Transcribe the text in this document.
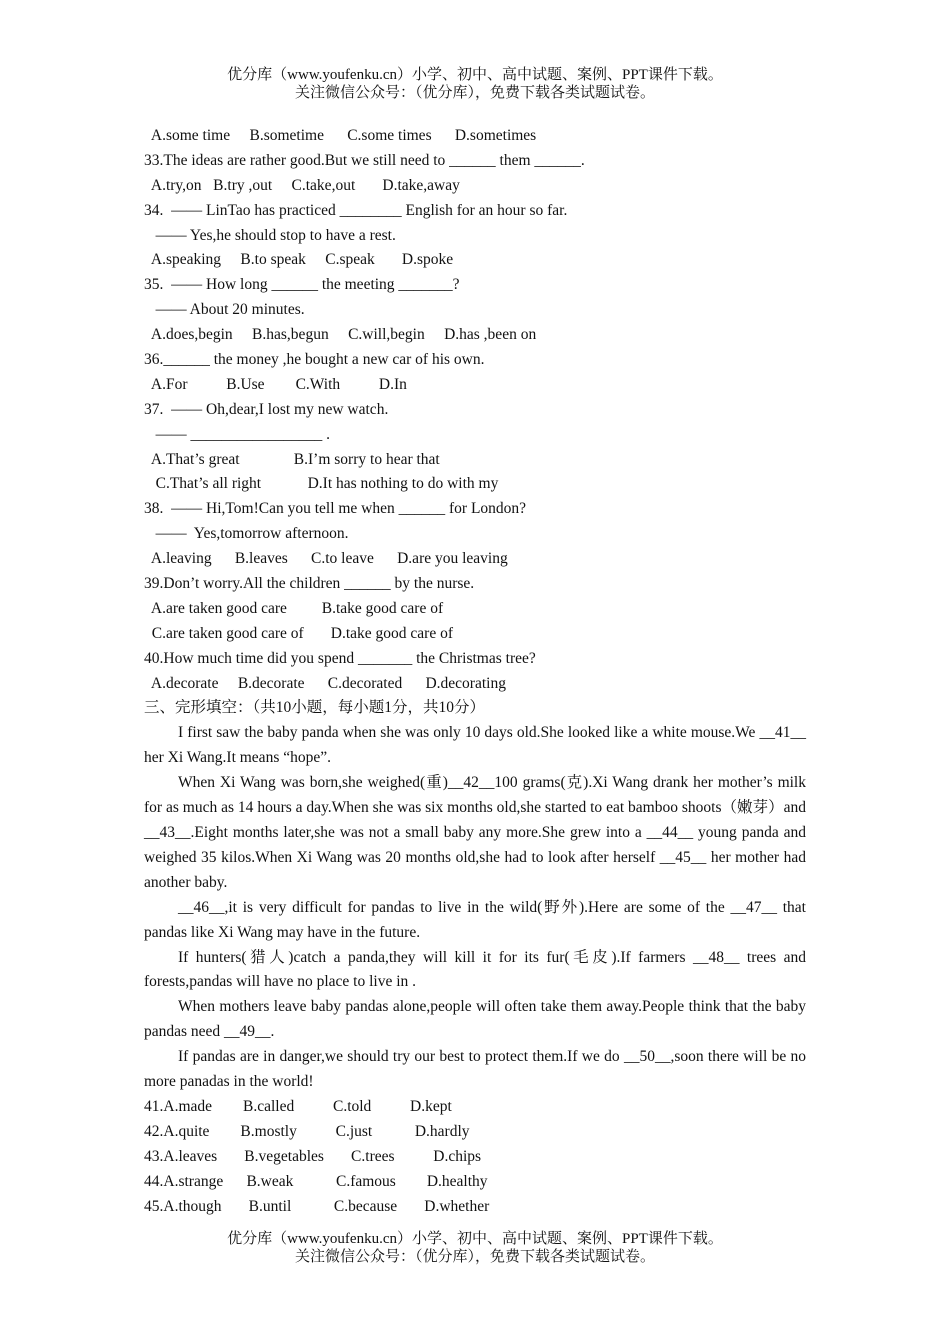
优分库（www.youfenku.cn）小学、初中、高中试题、案例、PPT课件下载。
关注微信公众号：（优分库），免费下载各类试题试卷。
A.some time     B.sometime      C.some times      D.sometimes
33.The ideas are rather good.But we still need to ______ them ______.
A.try,on   B.try ,out     C.take,out       D.take,away
34.  —— LinTao has practiced ________ English for an hour so far.
—— Yes,he should stop to have a rest.
A.speaking     B.to speak     C.speak       D.spoke
35.  —— How long ______ the meeting _______?
—— About 20 minutes.
A.does,begin     B.has,begun     C.will,begin     D.has ,been on
36.______ the money ,he bought a new car of his own.
A.For          B.Use        C.With          D.In
37.  —— Oh,dear,I lost my new watch.
—— _________________ .
A.That’s great              B.I’m sorry to hear that
C.That’s all right            D.It has nothing to do with my
38.  —— Hi,Tom!Can you tell me when ______ for London?
——  Yes,tomorrow afternoon.
A.leaving      B.leaves      C.to leave      D.are you leaving
39.Don’t worry.All the children ______ by the nurse.
A.are taken good care         B.take good care of
C.are taken good care of       D.take good care of
40.How much time did you spend _______ the Christmas tree?
A.decorate     B.decorate      C.decorated      D.decorating
三、完形填空：（共10小题，每小题1分，共10分）
I first saw the baby panda when she was only 10 days old.She looked like a white mouse.We __41__ her Xi Wang.It means “hope”.
When Xi Wang was born,she weighed(重)__42__100 grams(克).Xi Wang drank her mother’s milk for as much as 14 hours a day.When she was six months old,she started to eat bamboo shoots（嫩芽）and __43__.Eight months later,she was not a small baby any more.She grew into a __44__ young panda and weighed 35 kilos.When Xi Wang was 20 months old,she had to look after herself __45__ her mother had another baby.
__46__,it is very difficult for pandas to live in the wild(野外).Here are some of the __47__ that pandas like Xi Wang may have in the future.
If hunters(猎人)catch a panda,they will kill it for its fur(毛皮).If farmers __48__ trees and forests,pandas will have no place to live in .
When mothers leave baby pandas alone,people will often take them away.People think that the baby pandas need __49__.
If pandas are in danger,we should try our best to protect them.If we do __50__,soon there will be no more panadas in the world!
41.A.made        B.called          C.told          D.kept
42.A.quite        B.mostly          C.just           D.hardly
43.A.leaves       B.vegetables       C.trees          D.chips
44.A.strange      B.weak           C.famous        D.healthy
45.A.though       B.until           C.because       D.whether
优分库（www.youfenku.cn）小学、初中、高中试题、案例、PPT课件下载。
关注微信公众号：（优分库），免费下载各类试题试卷。
